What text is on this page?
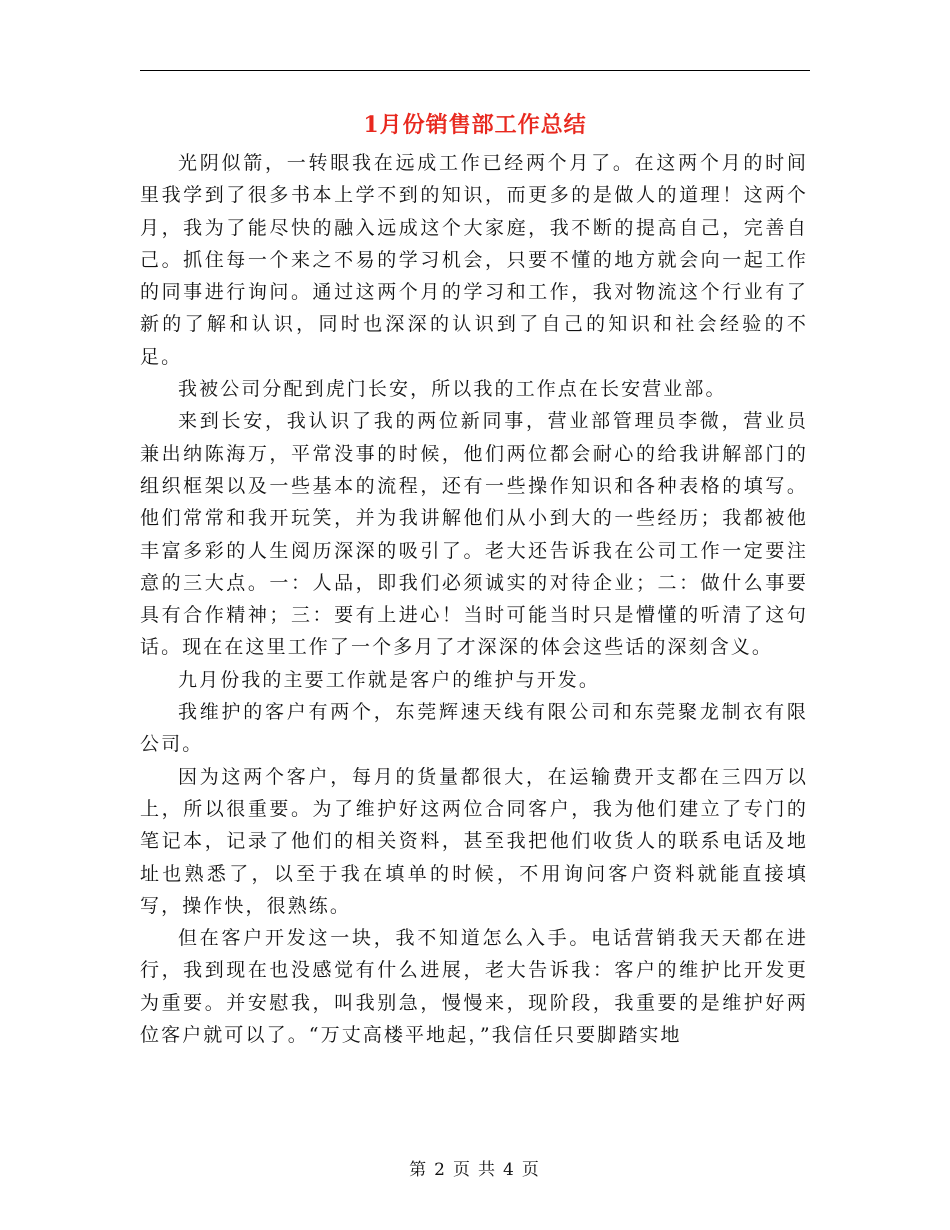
1月份销售部工作总结

光阴似箭，一转眼我在远成工作已经两个月了。在这两个月的时间里我学到了很多书本上学不到的知识，而更多的是做人的道理！这两个月，我为了能尽快的融入远成这个大家庭，我不断的提高自己，完善自己。抓住每一个来之不易的学习机会，只要不懂的地方就会向一起工作的同事进行询问。通过这两个月的学习和工作，我对物流这个行业有了新的了解和认识，同时也深深的认识到了自己的知识和社会经验的不足。

我被公司分配到虎门长安，所以我的工作点在长安营业部。

来到长安，我认识了我的两位新同事，营业部管理员李微，营业员兼出纳陈海万，平常没事的时候，他们两位都会耐心的给我讲解部门的组织框架以及一些基本的流程，还有一些操作知识和各种表格的填写。他们常常和我开玩笑，并为我讲解他们从小到大的一些经历；我都被他丰富多彩的人生阅历深深的吸引了。老大还告诉我在公司工作一定要注意的三大点。一：人品，即我们必须诚实的对待企业；二：做什么事要具有合作精神；三：要有上进心！当时可能当时只是懵懂的听清了这句话。现在在这里工作了一个多月了才深深的体会这些话的深刻含义。

九月份我的主要工作就是客户的维护与开发。

我维护的客户有两个，东莞辉速天线有限公司和东莞聚龙制衣有限公司。

因为这两个客户，每月的货量都很大，在运输费开支都在三四万以上，所以很重要。为了维护好这两位合同客户，我为他们建立了专门的笔记本，记录了他们的相关资料，甚至我把他们收货人的联系电话及地址也熟悉了，以至于我在填单的时候，不用询问客户资料就能直接填写，操作快，很熟练。

但在客户开发这一块，我不知道怎么入手。电话营销我天天都在进行，我到现在也没感觉有什么进展，老大告诉我：客户的维护比开发更为重要。并安慰我，叫我别急，慢慢来，现阶段，我重要的是维护好两位客户就可以了。“万丈高楼平地起，”我信任只要脚踏实地

第 2 页 共 4 页
